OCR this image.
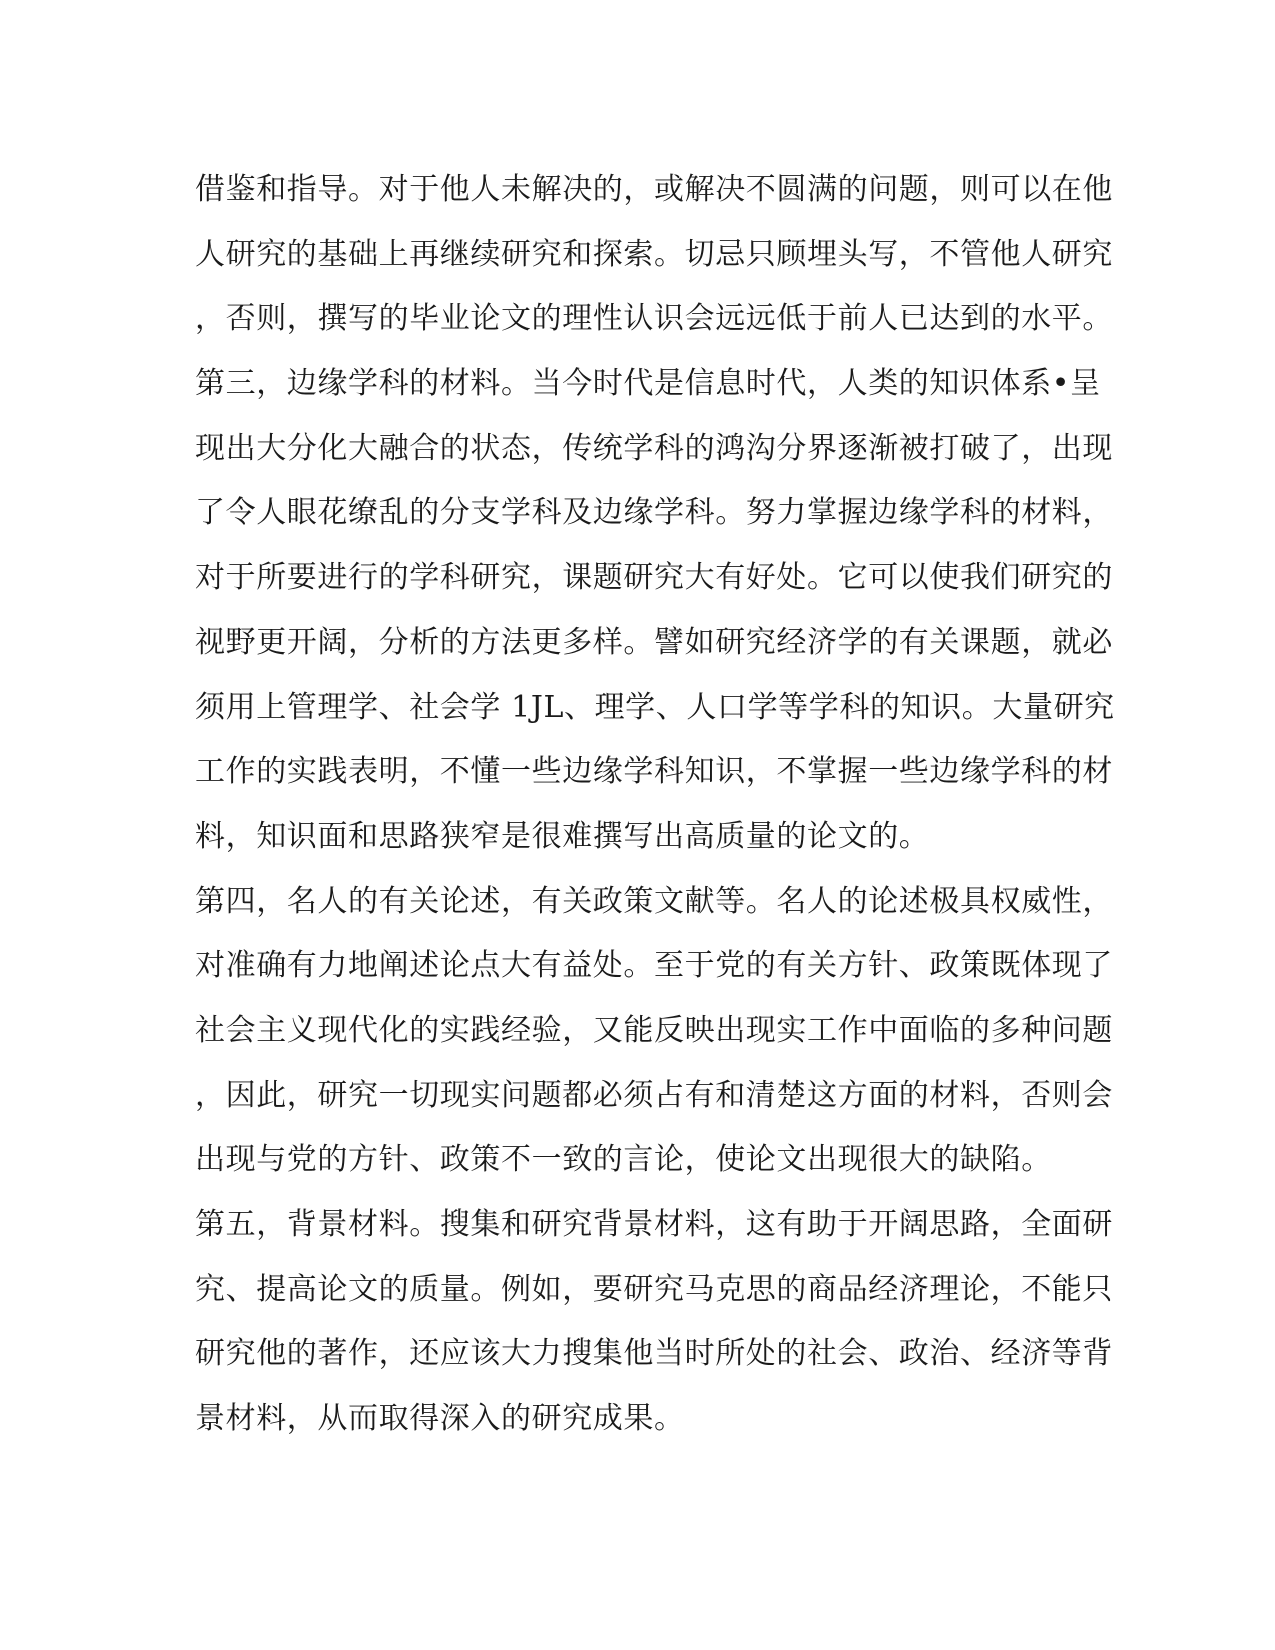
借鉴和指导。对于他人未解决的，或解决不圆满的问题，则可以在他
人研究的基础上再继续研究和探索。切忌只顾埋头写，不管他人研究
，否则，撰写的毕业论文的理性认识会远远低于前人已达到的水平。
第三，边缘学科的材料。当今时代是信息时代，人类的知识体系•呈
现出大分化大融合的状态，传统学科的鸿沟分界逐渐被打破了，出现
了令人眼花缭乱的分支学科及边缘学科。努力掌握边缘学科的材料，
对于所要进行的学科研究，课题研究大有好处。它可以使我们研究的
视野更开阔，分析的方法更多样。譬如研究经济学的有关课题，就必
须用上管理学、社会学 1JL、理学、人口学等学科的知识。大量研究
工作的实践表明，不懂一些边缘学科知识，不掌握一些边缘学科的材
料，知识面和思路狭窄是很难撰写出高质量的论文的。
第四，名人的有关论述，有关政策文献等。名人的论述极具权威性，
对准确有力地阐述论点大有益处。至于党的有关方针、政策既体现了
社会主义现代化的实践经验，又能反映出现实工作中面临的多种问题
，因此，研究一切现实问题都必须占有和清楚这方面的材料，否则会
出现与党的方针、政策不一致的言论，使论文出现很大的缺陷。
第五，背景材料。搜集和研究背景材料，这有助于开阔思路，全面研
究、提高论文的质量。例如，要研究马克思的商品经济理论，不能只
研究他的著作，还应该大力搜集他当时所处的社会、政治、经济等背
景材料，从而取得深入的研究成果。
